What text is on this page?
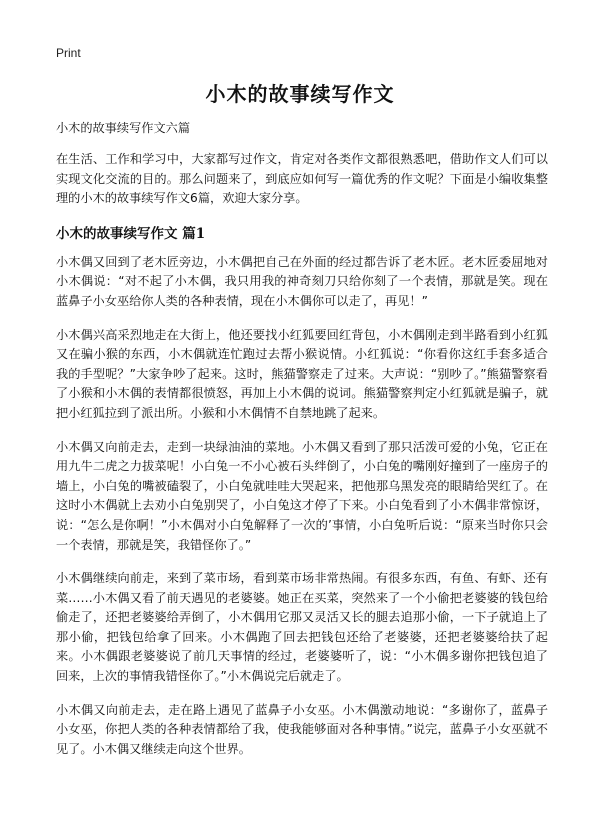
Print
小木的故事续写作文

小木的故事续写作文六篇

在生活、工作和学习中，大家都写过作文，肯定对各类作文都很熟悉吧，借助作文人们可以实现文化交流的目的。那么问题来了，到底应如何写一篇优秀的作文呢？下面是小编收集整理的小木的故事续写作文6篇，欢迎大家分享。

小木的故事续写作文 篇1

小木偶又回到了老木匠旁边，小木偶把自己在外面的经过都告诉了老木匠。老木匠委屈地对小木偶说：“对不起了小木偶，我只用我的神奇刻刀只给你刻了一个表情，那就是笑。现在蓝鼻子小女巫给你人类的各种表情，现在小木偶你可以走了，再见！”

小木偶兴高采烈地走在大街上，他还要找小红狐要回红背包，小木偶刚走到半路看到小红狐又在骗小猴的东西，小木偶就连忙跑过去帮小猴说情。小红狐说：“你看你这红手套多适合我的手型呢？”大家争吵了起来。这时，熊猫警察走了过来。大声说：“别吵了。”熊猫警察看了小猴和小木偶的表情都很愤怒，再加上小木偶的说词。熊猫警察判定小红狐就是骗子，就把小红狐拉到了派出所。小猴和小木偶情不自禁地跳了起来。

小木偶又向前走去，走到一块绿油油的菜地。小木偶又看到了那只活泼可爱的小兔，它正在用九牛二虎之力拔菜呢！小白兔一不小心被石头绊倒了，小白兔的嘴刚好撞到了一座房子的墙上，小白兔的嘴被磕裂了，小白兔就哇哇大哭起来，把他那乌黑发亮的眼睛给哭红了。在这时小木偶就上去劝小白兔别哭了，小白兔这才停了下来。小白兔看到了小木偶非常惊讶，说：“怎么是你啊！”小木偶对小白兔解释了一次的’事情，小白兔听后说：“原来当时你只会一个表情，那就是笑，我错怪你了。”

小木偶继续向前走，来到了菜市场，看到菜市场非常热闹。有很多东西，有鱼、有虾、还有菜……小木偶又看了前天遇见的老婆婆。她正在买菜，突然来了一个小偷把老婆婆的钱包给偷走了，还把老婆婆给弄倒了，小木偶用它那又灵活又长的腿去追那小偷，一下子就追上了那小偷，把钱包给拿了回来。小木偶跑了回去把钱包还给了老婆婆，还把老婆婆给扶了起来。小木偶跟老婆婆说了前几天事情的经过，老婆婆听了，说：“小木偶多谢你把钱包追了回来，上次的事情我错怪你了。”小木偶说完后就走了。

小木偶又向前走去，走在路上遇见了蓝鼻子小女巫。小木偶激动地说：“多谢你了，蓝鼻子小女巫，你把人类的各种表情都给了我，使我能够面对各种事情。”说完，蓝鼻子小女巫就不见了。小木偶又继续走向这个世界。
